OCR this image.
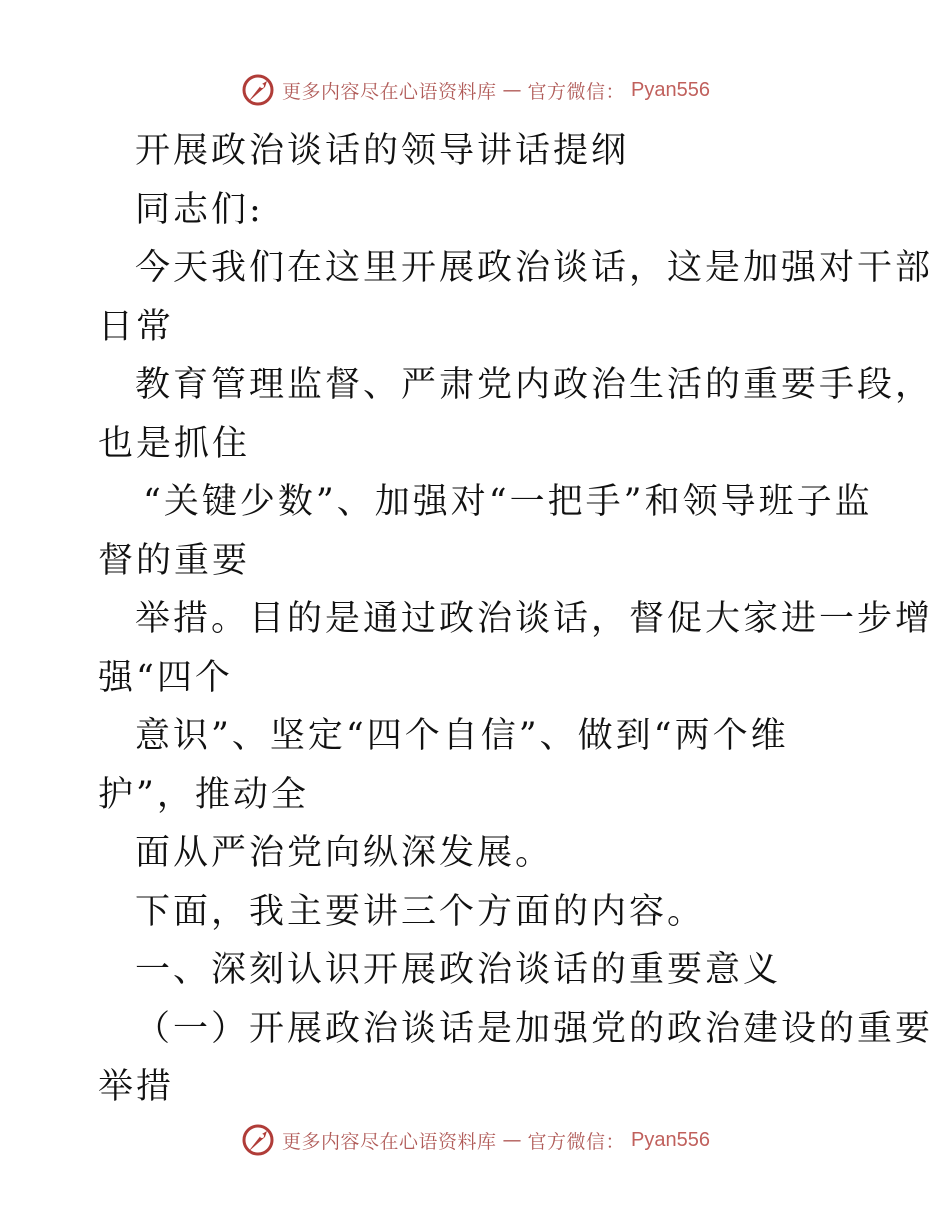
更多内容尽在心语资料库 — 官方微信： Pyan556
开展政治谈话的领导讲话提纲
同志们:
今天我们在这里开展政治谈话，这是加强对干部
日常
教育管理监督、严肃党内政治生活的重要手段，
也是抓住
“关键少数”、加强对“一把手”和领导班子监
督的重要
举措。目的是通过政治谈话，督促大家进一步增
强“四个
意识”、坚定“四个自信”、做到“两个维
护”，推动全
面从严治党向纵深发展。
下面，我主要讲三个方面的内容。
一、深刻认识开展政治谈话的重要意义
（一）开展政治谈话是加强党的政治建设的重要
举措
更多内容尽在心语资料库 — 官方微信： Pyan556
